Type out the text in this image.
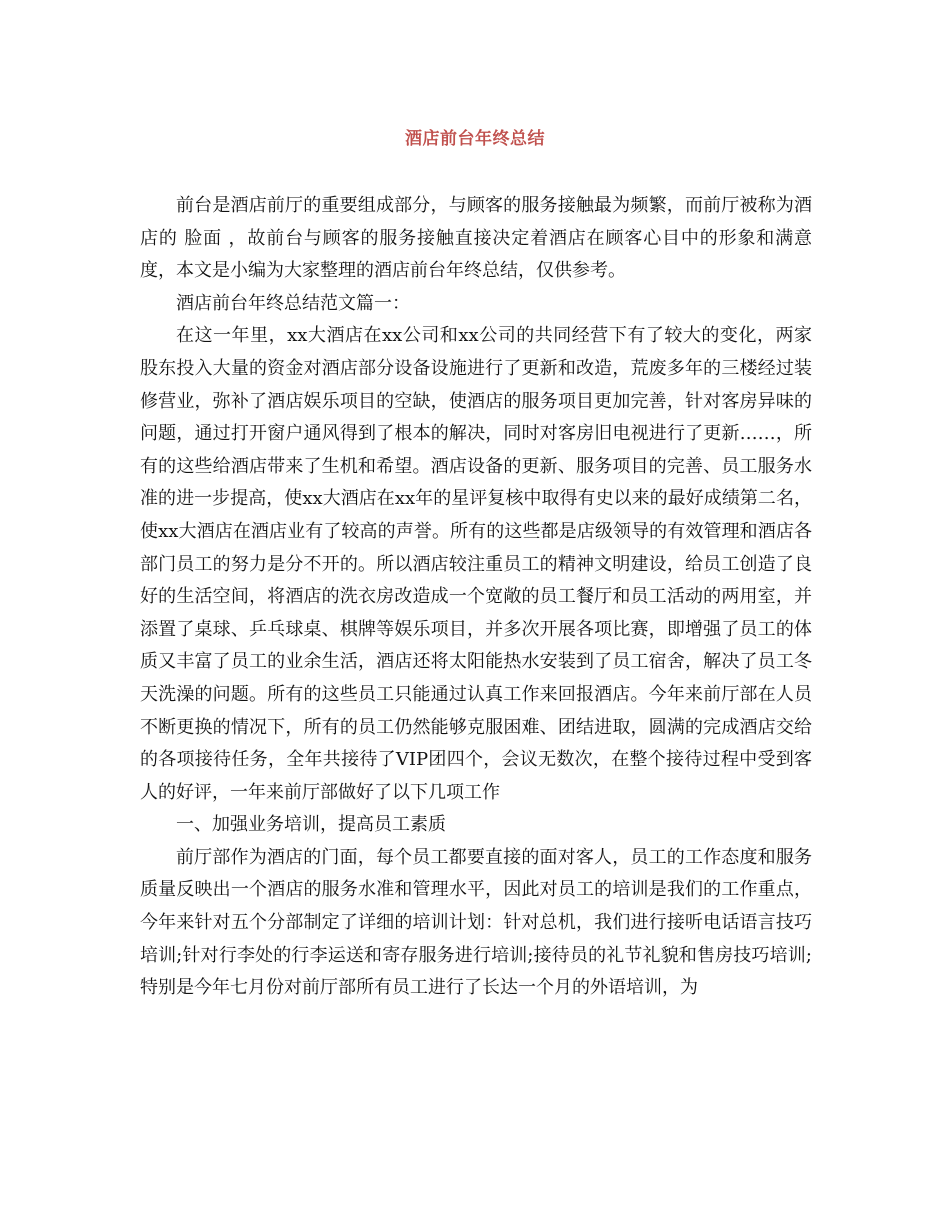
酒店前台年终总结

前台是酒店前厅的重要组成部分，与顾客的服务接触最为频繁，而前厅被称为酒店的 脸面 ，故前台与顾客的服务接触直接决定着酒店在顾客心目中的形象和满意度，本文是小编为大家整理的酒店前台年终总结，仅供参考。

酒店前台年终总结范文篇一：

在这一年里，xx大酒店在xx公司和xx公司的共同经营下有了较大的变化，两家股东投入大量的资金对酒店部分设备设施进行了更新和改造，荒废多年的三楼经过装修营业，弥补了酒店娱乐项目的空缺，使酒店的服务项目更加完善，针对客房异味的问题，通过打开窗户通风得到了根本的解决，同时对客房旧电视进行了更新……，所有的这些给酒店带来了生机和希望。酒店设备的更新、服务项目的完善、员工服务水准的进一步提高，使xx大酒店在xx年的星评复核中取得有史以来的最好成绩第二名，使xx大酒店在酒店业有了较高的声誉。所有的这些都是店级领导的有效管理和酒店各部门员工的努力是分不开的。所以酒店较注重员工的精神文明建设，给员工创造了良好的生活空间，将酒店的洗衣房改造成一个宽敞的员工餐厅和员工活动的两用室，并添置了桌球、乒乓球桌、棋牌等娱乐项目，并多次开展各项比赛，即增强了员工的体质又丰富了员工的业余生活，酒店还将太阳能热水安装到了员工宿舍，解决了员工冬天洗澡的问题。所有的这些员工只能通过认真工作来回报酒店。今年来前厅部在人员不断更换的情况下，所有的员工仍然能够克服困难、团结进取，圆满的完成酒店交给的各项接待任务，全年共接待了VIP团四个，会议无数次，在整个接待过程中受到客人的好评，一年来前厅部做好了以下几项工作

一、加强业务培训，提高员工素质

前厅部作为酒店的门面，每个员工都要直接的面对客人，员工的工作态度和服务质量反映出一个酒店的服务水准和管理水平，因此对员工的培训是我们的工作重点，今年来针对五个分部制定了详细的培训计划：针对总机，我们进行接听电话语言技巧培训;针对行李处的行李运送和寄存服务进行培训;接待员的礼节礼貌和售房技巧培训;特别是今年七月份对前厅部所有员工进行了长达一个月的外语培训，为
